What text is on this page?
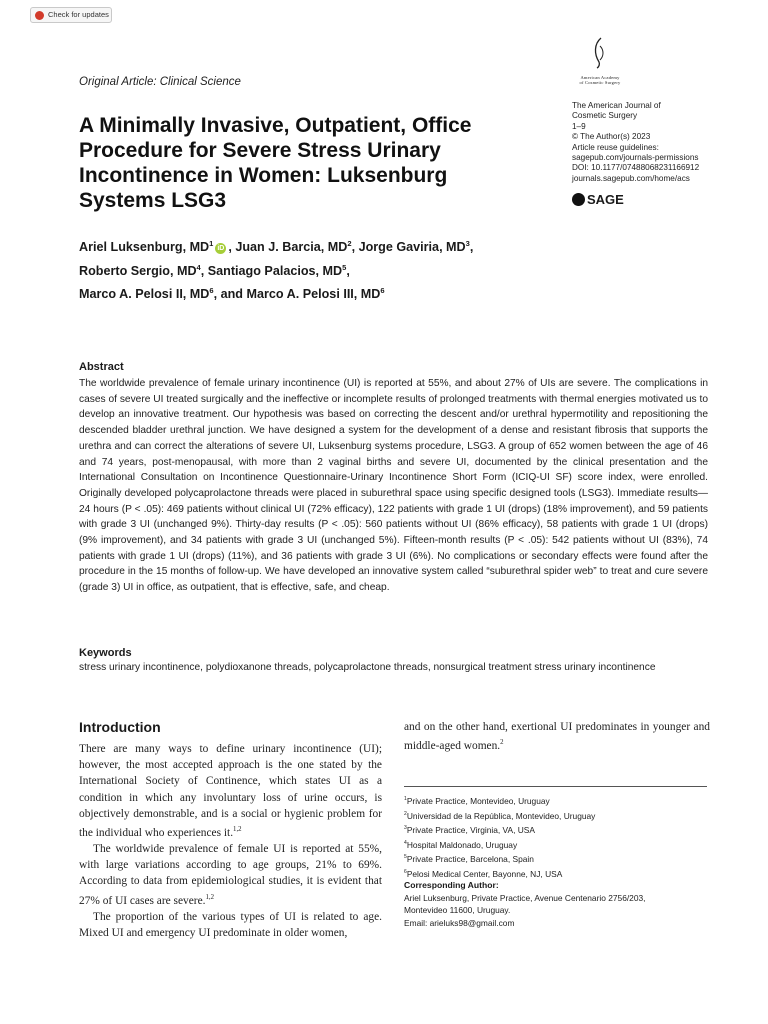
Check for updates
Original Article: Clinical Science
A Minimally Invasive, Outpatient, Office Procedure for Severe Stress Urinary Incontinence in Women: Luksenburg Systems LSG3
American Academy
of Cosmetic Surgery
The American Journal of
Cosmetic Surgery
1–9
© The Author(s) 2023
Article reuse guidelines:
sagepub.com/journals-permissions
DOI: 10.1177/07488068231166912
journals.sagepub.com/home/acs
SAGE
Ariel Luksenburg, $MD^1iD$ , Juan J. Barcia, $MD^2$, Jorge Gaviria, $MD^3$,
Roberto Sergio, $MD^4$, Santiago Palacios, $MD^5$,
Marco A. Pelosi II, $MD^6$, and Marco A. Pelosi III, $MD^6$
Abstract
The worldwide prevalence of female urinary incontinence (UI) is reported at 55%, and about 27% of UIs are severe. The complications in cases of severe UI treated surgically and the ineffective or incomplete results of prolonged treatments with thermal energies motivated us to develop an innovative treatment. Our hypothesis was based on correcting the descent and/or urethral hypermotility and repositioning the descended bladder urethral junction. We have designed a system for the development of a dense and resistant fibrosis that supports the urethra and can correct the alterations of severe UI, Luksenburg systems procedure, LSG3. A group of 652 women between the age of 46 and 74 years, post-menopausal, with more than 2 vaginal births and severe UI, documented by the clinical presentation and the International Consultation on Incontinence Questionnaire-Urinary Incontinence Short Form (ICIQ-UI SF) score index, were enrolled. Originally developed polycaprolactone threads were placed in suburethral space using specific designed tools (LSG3). Immediate results—24 hours (P < .05): 469 patients without clinical UI (72% efficacy), 122 patients with grade 1 UI (drops) (18% improvement), and 59 patients with grade 3 UI (unchanged 9%). Thirty-day results (P < .05): 560 patients without UI (86% efficacy), 58 patients with grade 1 UI (drops) (9% improvement), and 34 patients with grade 3 UI (unchanged 5%). Fifteen-month results (P < .05): 542 patients without UI (83%), 74 patients with grade 1 UI (drops) (11%), and 36 patients with grade 3 UI (6%). No complications or secondary effects were found after the procedure in the 15 months of follow-up. We have developed an innovative system called “suburethral spider web” to treat and cure severe (grade 3) UI in office, as outpatient, that is effective, safe, and cheap.
Keywords
stress urinary incontinence, polydioxanone threads, polycaprolactone threads, nonsurgical treatment stress urinary incontinence
Introduction

There are many ways to define urinary incontinence (UI); however, the most accepted approach is the one stated by the International Society of Continence, which states UI as a condition in which any involuntary loss of urine occurs, is objectively demonstrable, and is a social or hygienic problem for the individual who experiences it.$^{1,2}$

The worldwide prevalence of female UI is reported at 55%, with large variations according to age groups, 21% to 69%. According to data from epidemiological studies, it is evident that 27% of UI cases are severe.$^{1,2}$

The proportion of the various types of UI is related to age. Mixed UI and emergency UI predominate in older women,

and on the other hand, exertional UI predominates in younger and middle-aged women.$^2$
$^1$Private Practice, Montevideo, Uruguay
$^2$Universidad de la República, Montevideo, Uruguay
$^3$Private Practice, Virginia, VA, USA
$^4$Hospital Maldonado, Uruguay
$^5$Private Practice, Barcelona, Spain
$^6$Pelosi Medical Center, Bayonne, NJ, USA
Corresponding Author:
Ariel Luksenburg, Private Practice, Avenue Centenario 2756/203,
Montevideo 11600, Uruguay.
Email: arieluks98@gmail.com
